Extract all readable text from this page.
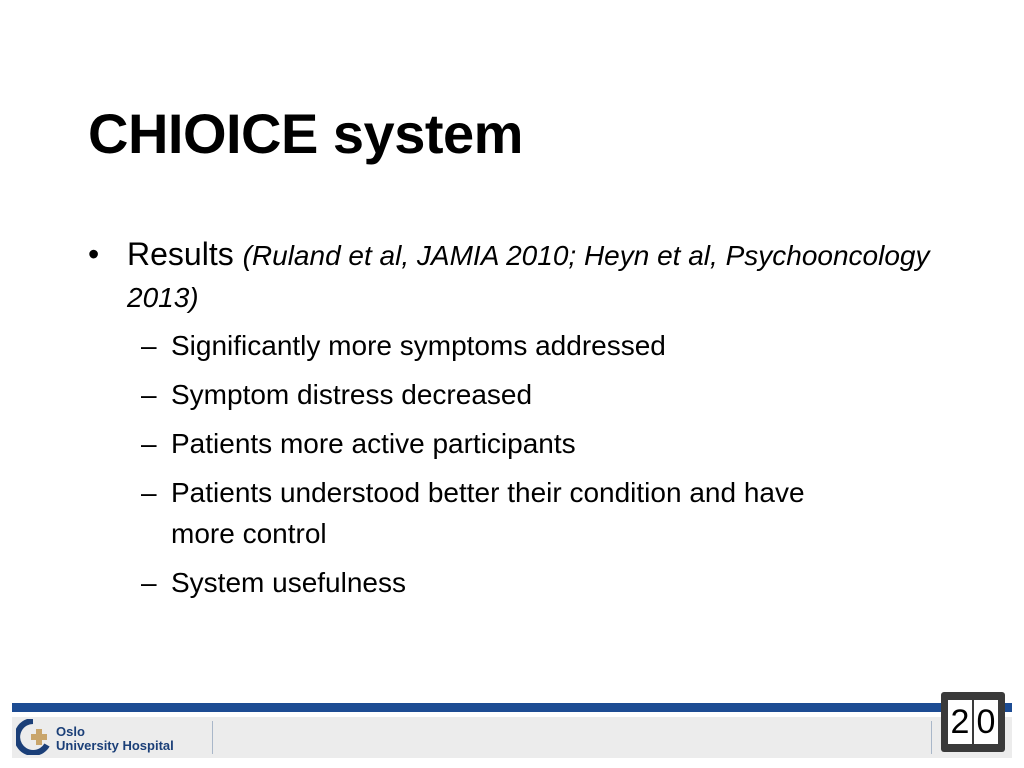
CHIOICE system
• Results (Ruland et al, JAMIA 2010; Heyn et al, Psychooncology 2013)
– Significantly more symptoms addressed
– Symptom distress decreased
– Patients more active participants
– Patients understood better their condition and have more control
– System usefulness
Oslo
University Hospital
2 0
